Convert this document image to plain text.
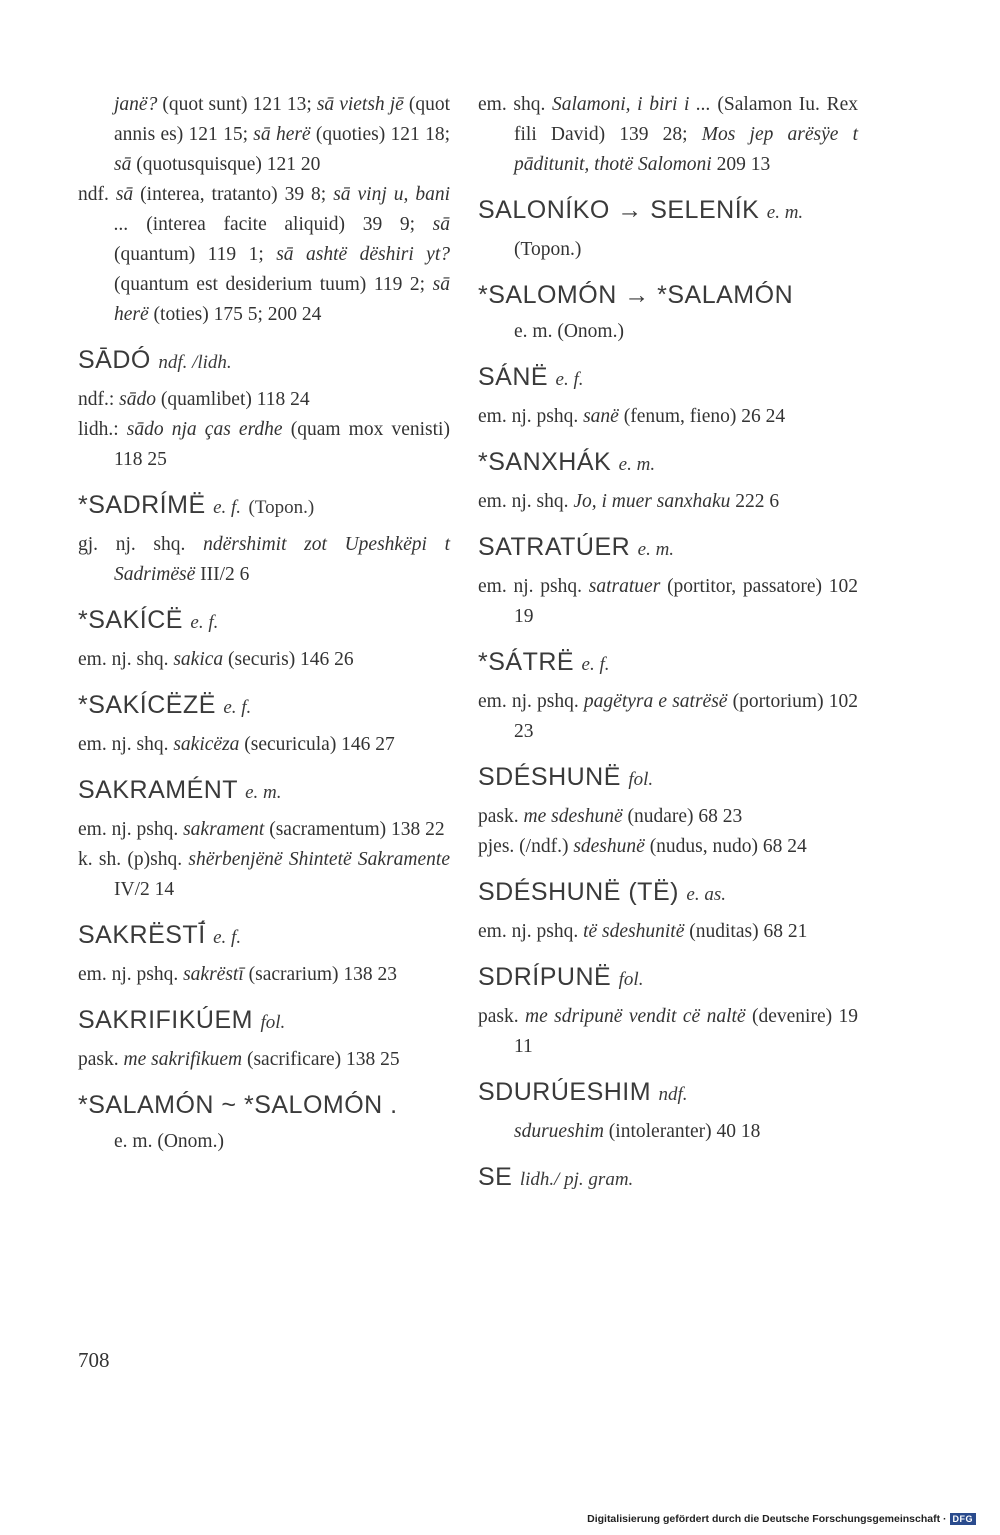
janë? (quot sunt) 121 13; sā vietsh jē (quot annis es) 121 15; sā herë (quoties) 121 18; sā (quotusquisque) 121 20

ndf. sā (interea, tratanto) 39 8; sā vinj u, bani ... (interea facite aliquid) 39 9; sā (quantum) 119 1; sā ashtë dëshiri yt? (quantum est desiderium tuum) 119 2; sā herë (toties) 175 5; 200 24

SĀDÓ ndf. /lidh.

ndf.: sādo (quamlibet) 118 24

lidh.: sādo nja ças erdhe (quam mox venisti) 118 25

*SADRÍMË e. f. (Topon.)

gj. nj. shq. ndërshimit zot Upeshkëpi t Sadrimësë III/2 6

*SAKÍCË e. f.

em. nj. shq. sakica (securis) 146 26

*SAKÍCËZË e. f.

em. nj. shq. sakicëza (securicula) 146 27

SAKRAMÉNT e. m.

em. nj. pshq. sakrament (sacramentum) 138 22

k. sh. (p)shq. shërbenjënë Shintetë Sakramente IV/2 14

SAKRËSTĪ́ e. f.

em. nj. pshq. sakrëstī (sacrarium) 138 23

SAKRIFIKÚEM fol.

pask. me sakrifikuem (sacrificare) 138 25

*SALAMÓN ~ *SALOMÓN .

e. m. (Onom.)

em. shq. Salamoni, i biri i ... (Salamon Iu. Rex fili David) 139 28; Mos jep arësÿe t pāditunit, thotë Salomoni 209 13

SALONÍKO → SELENÍK e. m.

(Topon.)

*SALOMÓN → *SALAMÓN

e. m. (Onom.)

SÁNË e. f.

em. nj. pshq. sanë (fenum, fieno) 26 24

*SANXHÁK e. m.

em. nj. shq. Jo, i muer sanxhaku 222 6

SATRATÚER e. m.

em. nj. pshq. satratuer (portitor, passatore) 102 19

*SÁTRË e. f.

em. nj. pshq. pagëtyra e satrësë (portorium) 102 23

SDÉSHUNË fol.

pask. me sdeshunë (nudare) 68 23

pjes. (/ndf.) sdeshunë (nudus, nudo) 68 24

SDÉSHUNË (TË) e. as.

em. nj. pshq. të sdeshunitë (nuditas) 68 21

SDRÍPUNË fol.

pask. me sdripunë vendit cë naltë (devenire) 19 11

SDURÚESHIM ndf.

sdurueshim (intoleranter) 40 18

SE lidh./ pj. gram.
708
Digitalisierung gefördert durch die Deutsche Forschungsgemeinschaft · DFG
